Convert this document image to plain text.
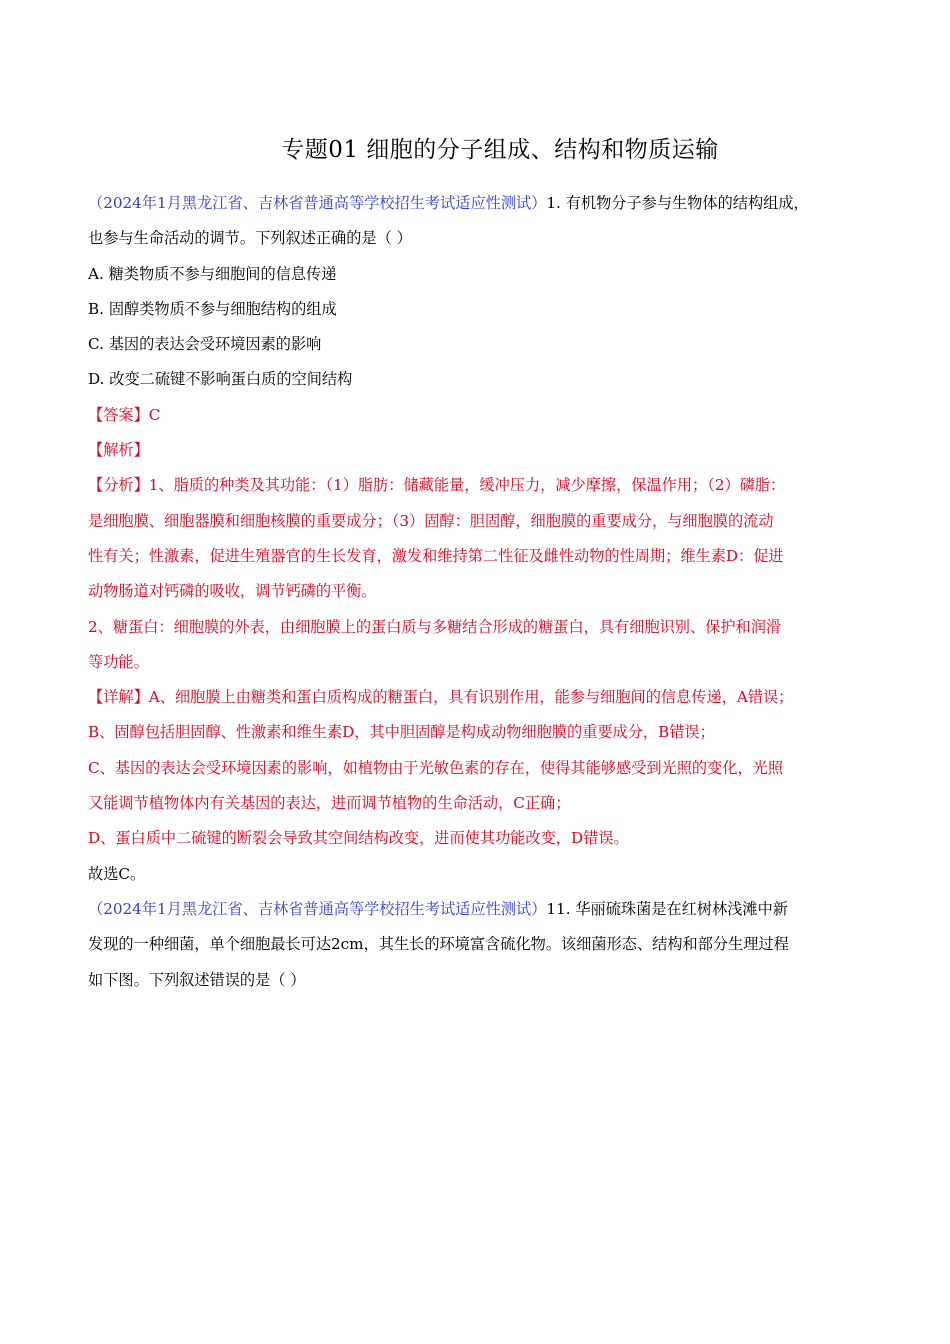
专题01 细胞的分子组成、结构和物质运输
（2024年1月黑龙江省、吉林省普通高等学校招生考试适应性测试）1. 有机物分子参与生物体的结构组成，
也参与生命活动的调节。下列叙述正确的是（ ）
A. 糖类物质不参与细胞间的信息传递
B. 固醇类物质不参与细胞结构的组成
C. 基因的表达会受环境因素的影响
D. 改变二硫键不影响蛋白质的空间结构
【答案】C
【解析】
【分析】1、脂质的种类及其功能：（1）脂肪：储藏能量，缓冲压力，减少摩擦，保温作用；（2）磷脂：
是细胞膜、细胞器膜和细胞核膜的重要成分；（3）固醇：胆固醇，细胞膜的重要成分，与细胞膜的流动
性有关；性激素，促进生殖器官的生长发育，激发和维持第二性征及雌性动物的性周期；维生素D：促进
动物肠道对钙磷的吸收，调节钙磷的平衡。
2、糖蛋白：细胞膜的外表，由细胞膜上的蛋白质与多糖结合形成的糖蛋白，具有细胞识别、保护和润滑
等功能。
【详解】A、细胞膜上由糖类和蛋白质构成的糖蛋白，具有识别作用，能参与细胞间的信息传递，A错误；
B、固醇包括胆固醇、性激素和维生素D，其中胆固醇是构成动物细胞膜的重要成分，B错误；
C、基因的表达会受环境因素的影响，如植物由于光敏色素的存在，使得其能够感受到光照的变化，光照
又能调节植物体内有关基因的表达，进而调节植物的生命活动，C正确；
D、蛋白质中二硫键的断裂会导致其空间结构改变，进而使其功能改变，D错误。
故选C。
（2024年1月黑龙江省、吉林省普通高等学校招生考试适应性测试）11. 华丽硫珠菌是在红树林浅滩中新
发现的一种细菌，单个细胞最长可达2cm，其生长的环境富含硫化物。该细菌形态、结构和部分生理过程
如下图。下列叙述错误的是（ ）
